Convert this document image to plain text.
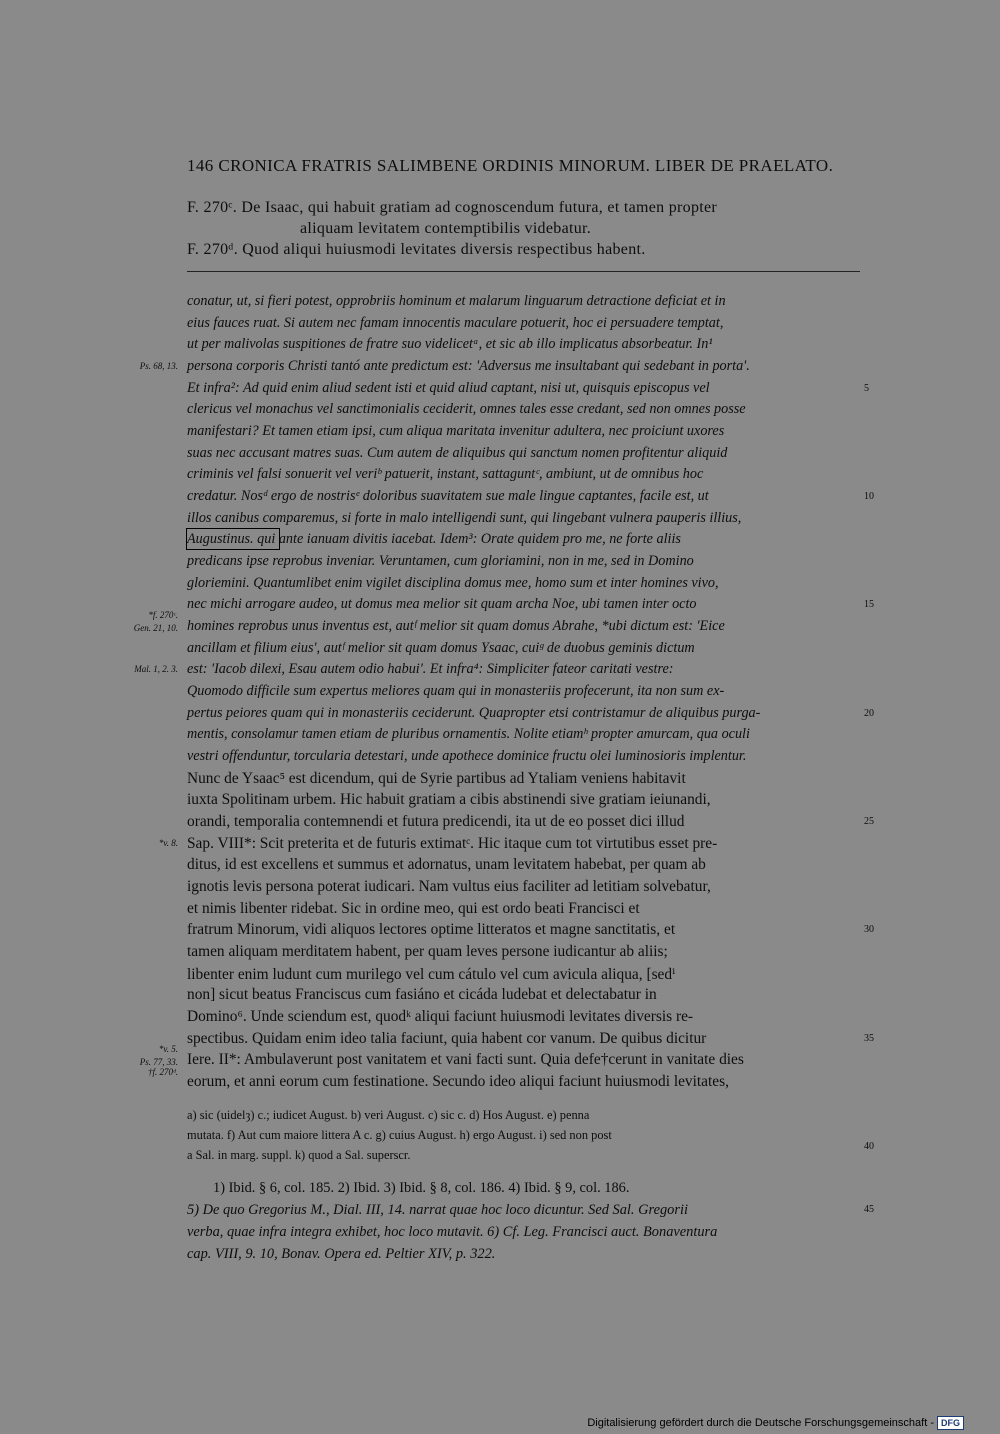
146 CRONICA FRATRIS SALIMBENE ORDINIS MINORUM. LIBER DE PRAELATO.
F. 270ᶜ. De Isaac, qui habuit gratiam ad cognoscendum futura, et tamen propter
aliquam levitatem contemptibilis videbatur.
F. 270ᵈ. Quod aliqui huiusmodi levitates diversis respectibus habent.
conatur, ut, si fieri potest, opprobriis hominum et malarum linguarum detractione deficiat et in
eius fauces ruat. Si autem nec famam innocentis maculare potuerit, hoc ei persuadere temptat,
ut per malivolas suspitiones de fratre suo videlicetᵃ, et sic ab illo implicatus absorbeatur. In¹
persona corporis Christi tantó ante predictum est: 'Adversus me insultabant qui sedebant in porta'.
Et infra²: Ad quid enim aliud sedent isti et quid aliud captant, nisi ut, quisquis episcopus vel
clericus vel monachus vel sanctimonialis ceciderit, omnes tales esse credant, sed non omnes posse
manifestari? Et tamen etiam ipsi, cum aliqua maritata invenitur adultera, nec proiciunt uxores
suas nec accusant matres suas. Cum autem de aliquibus qui sanctum nomen profitentur aliquid
criminis vel falsi sonuerit vel veriᵇ patuerit, instant, sattaguntᶜ, ambiunt, ut de omnibus hoc
credatur. Nosᵈ ergo de nostrisᵉ doloribus suavitatem sue male lingue captantes, facile est, ut
illos canibus comparemus, si forte in malo intelligendi sunt, qui lingebant vulnera pauperis illius,
Augustinus. qui ante ianuam divitis iacebat. Idem³: Orate quidem pro me, ne forte aliis
predicans ipse reprobus inveniar. Veruntamen, cum gloriamini, non in me, sed in Domino
gloriemini. Quantumlibet enim vigilet disciplina domus mee, homo sum et inter homines vivo,
nec michi arrogare audeo, ut domus mea melior sit quam archa Noe, ubi tamen inter octo
homines reprobus unus inventus est, autᶠ melior sit quam domus Abrahe, *ubi dictum est: 'Eice
ancillam et filium eius', autᶠ melior sit quam domus Ysaac, cuiᵍ de duobus geminis dictum
est: 'Iacob dilexi, Esau autem odio habui'. Et infra⁴: Simpliciter fateor caritati vestre:
Quomodo difficile sum expertus meliores quam qui in monasteriis profecerunt, ita non sum ex-
pertus peiores quam qui in monasteriis ceciderunt. Quapropter etsi contristamur de aliquibus purga-
mentis, consolamur tamen etiam de pluribus ornamentis. Nolite etiamʰ propter amurcam, qua oculi
vestri offenduntur, torcularia detestari, unde apothece dominice fructu olei luminosioris implentur.
Nunc de Ysaac⁵ est dicendum, qui de Syrie partibus ad Ytaliam veniens habitavit
iuxta Spolitinam urbem. Hic habuit gratiam a cibis abstinendi sive gratiam ieiunandi,
orandi, temporalia contemnendi et futura predicendi, ita ut de eo posset dici illud
Sap. VIII*: Scit preterita et de futuris extimatᶜ. Hic itaque cum tot virtutibus esset pre-
ditus, id est excellens et summus et adornatus, unam levitatem habebat, per quam ab
ignotis levis persona poterat iudicari. Nam vultus eius faciliter ad letitiam solvebatur,
et nimis libenter ridebat. Sic in ordine meo, qui est ordo beati Francisci et
fratrum Minorum, vidi aliquos lectores optime litteratos et magne sanctitatis, et
tamen aliquam merditatem habent, per quam leves persone iudicantur ab aliis;
libenter enim ludunt cum murilego vel cum cátulo vel cum avicula aliqua, [sedⁱ
non] sicut beatus Franciscus cum fasiáno et cicáda ludebat et delectabatur in
Domino⁶. Unde sciendum est, quodᵏ aliqui faciunt huiusmodi levitates diversis re-
spectibus. Quidam enim ideo talia faciunt, quia habent cor vanum. De quibus dicitur
Iere. II*: Ambulaverunt post vanitatem et vani facti sunt. Quia defe†cerunt in vanitate dies
eorum, et anni eorum cum festinatione. Secundo ideo aliqui faciunt huiusmodi levitates,
5
10
15
20
25
30
35
40
Ps. 68, 13.
*f. 270ᶜ.
Gen. 21, 10.
Mal. 1, 2. 3.
*v. 8.
*v. 5.
Ps. 77, 33.
†f. 270ᵈ.
a) sic (uidelȝ) c.; iudicet August. b) veri August. c) sic c. d) Hos August. e) penna
mutata. f) Aut cum maiore littera A c. g) cuius August. h) ergo August. i) sed non post
a Sal. in marg. suppl. k) quod a Sal. superscr.
1) Ibid. § 6, col. 185. 2) Ibid. 3) Ibid. § 8, col. 186. 4) Ibid. § 9, col. 186.
5) De quo Gregorius M., Dial. III, 14. narrat quae hoc loco dicuntur. Sed Sal. Gregorii
verba, quae infra integra exhibet, hoc loco mutavit. 6) Cf. Leg. Francisci auct. Bonaventura
cap. VIII, 9. 10, Bonav. Opera ed. Peltier XIV, p. 322.
45
Digitalisierung gefördert durch die Deutsche Forschungsgemeinschaft - DFG
